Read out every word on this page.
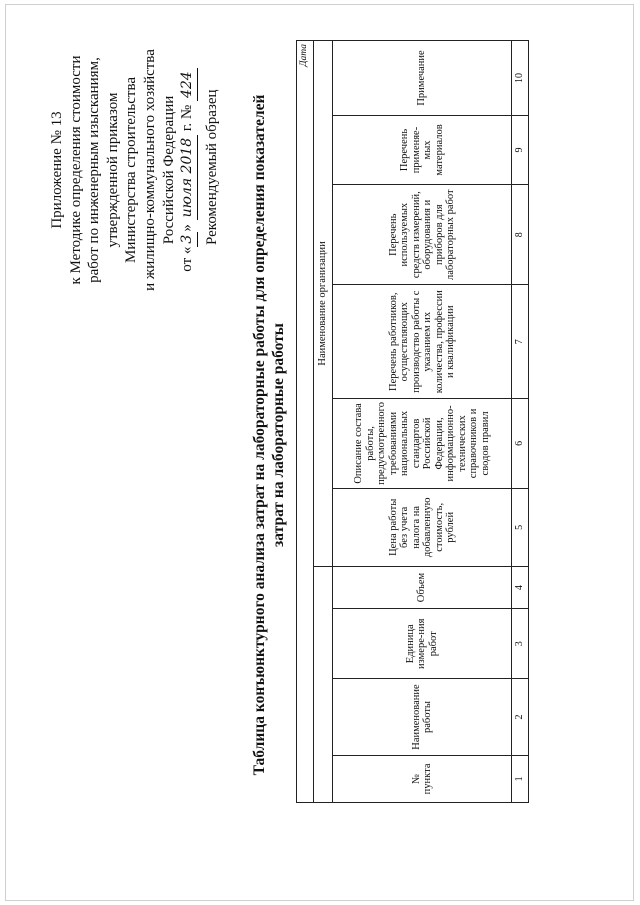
Приложение № 13 к Методике определения стоимости работ по инженерным изысканиям, утвержденной приказом Министерства строительства и жилищно-коммунального хозяйства Российской Федерации
от «3» июля 2018 г. № 424
Рекомендуемый образец Таблица конъюнктурного анализа затрат на лабораторные работы для определения показателей затрат на лабораторные работы
Дата									
				Наименование организации					
№ пункта	Наименование работы	Единица измере-ния работ	Объем	Цена работы без учета налога на добавленную стоимость, рублей	Описание состава работы, предусмотренного требованиями национальных стандартов Российской Федерации, информационно-технических справочников и сводов правил	Перечень работников, осуществляющих производство работы с указанием их количества, профессии и квалификации	Перечень используемых средств измерений, оборудования и приборов для лабораторных работ	Перечень применяе-мых материалов	Примечание
1	2	3	4	5	6	7	8	9	10
